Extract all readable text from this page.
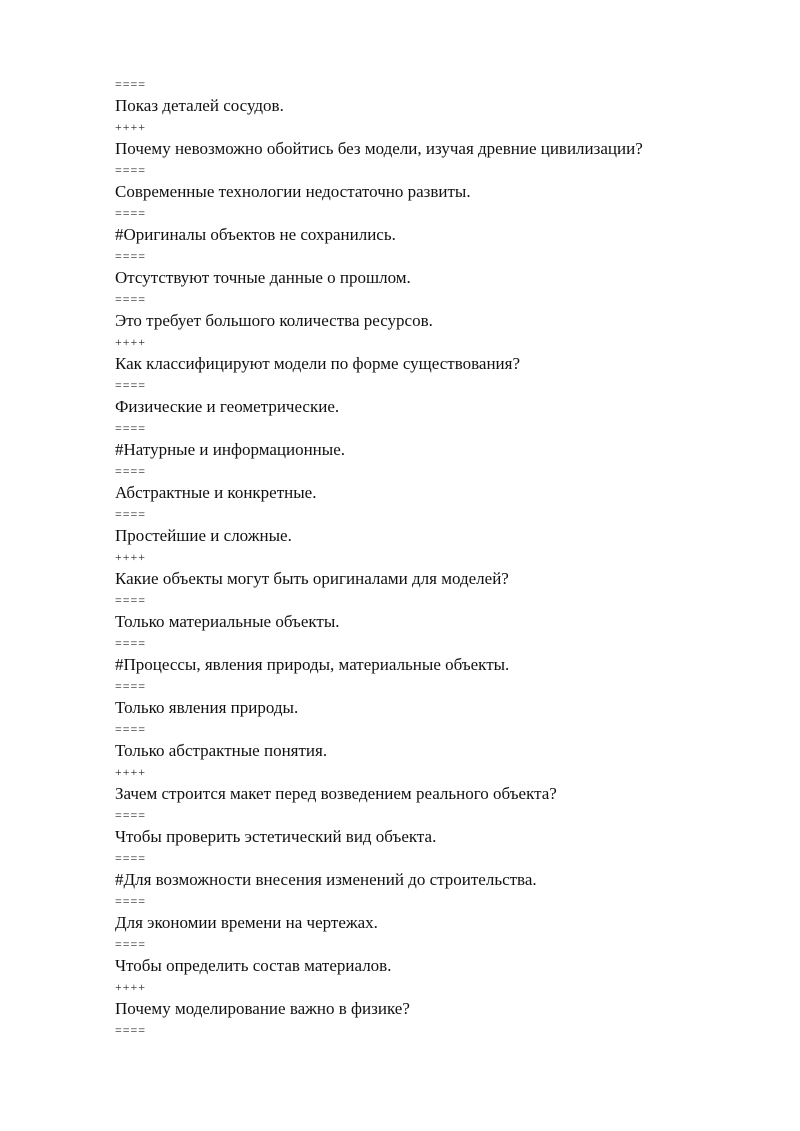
====
Показ деталей сосудов.
++++
Почему невозможно обойтись без модели, изучая древние цивилизации?
====
Современные технологии недостаточно развиты.
====
#Оригиналы объектов не сохранились.
====
Отсутствуют точные данные о прошлом.
====
Это требует большого количества ресурсов.
++++
Как классифицируют модели по форме существования?
====
Физические и геометрические.
====
#Натурные и информационные.
====
Абстрактные и конкретные.
====
Простейшие и сложные.
++++
Какие объекты могут быть оригиналами для моделей?
====
Только материальные объекты.
====
#Процессы, явления природы, материальные объекты.
====
Только явления природы.
====
Только абстрактные понятия.
++++
Зачем строится макет перед возведением реального объекта?
====
Чтобы проверить эстетический вид объекта.
====
#Для возможности внесения изменений до строительства.
====
Для экономии времени на чертежах.
====
Чтобы определить состав материалов.
++++
Почему моделирование важно в физике?
====
